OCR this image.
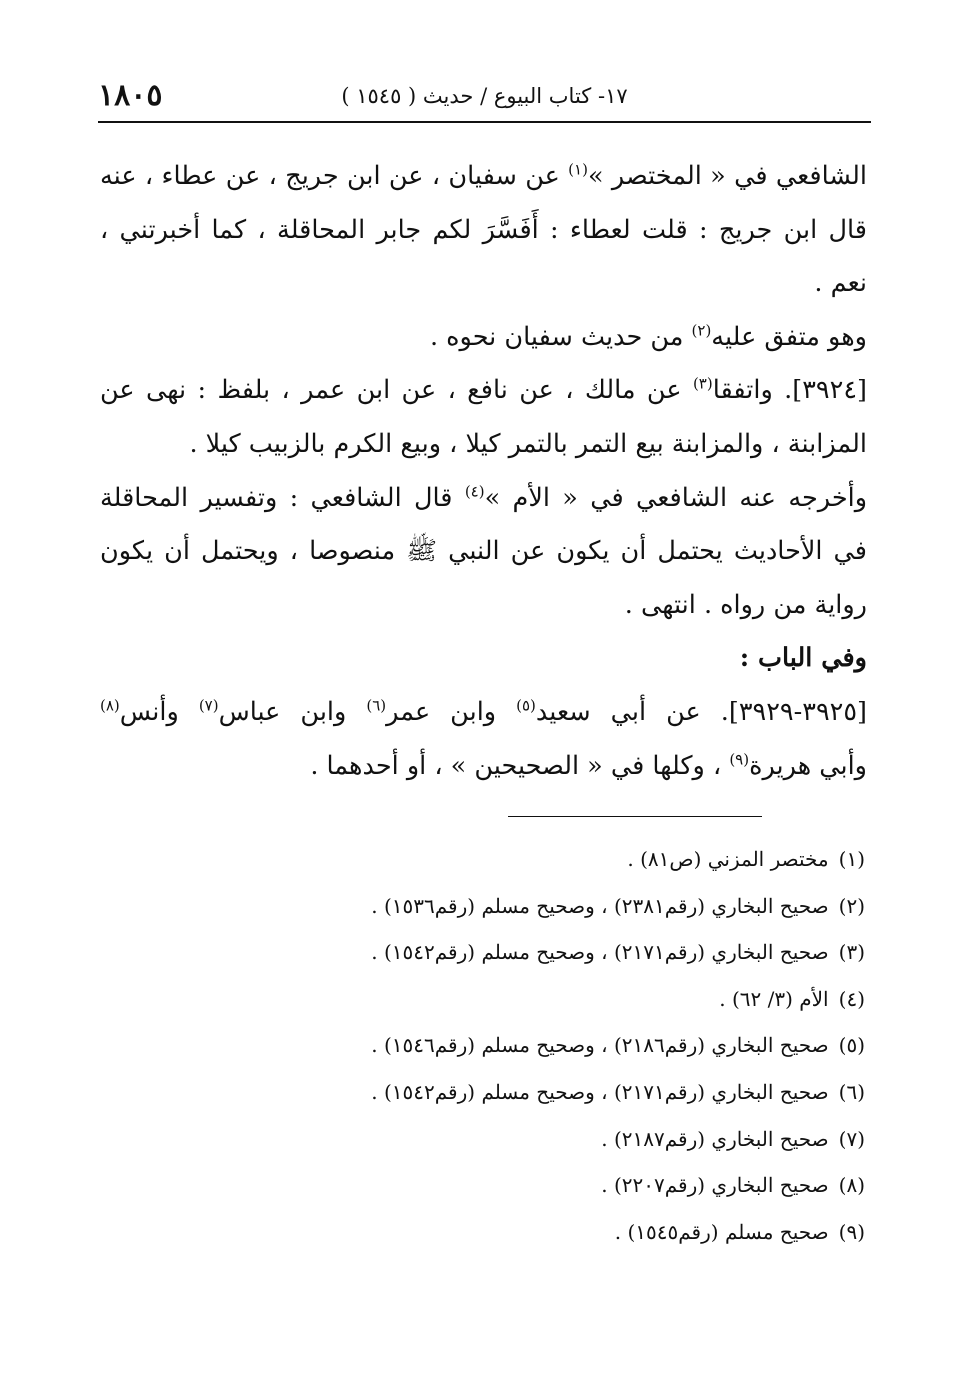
١٧- كتاب البيوع / حديث ( ١٥٤٥ )
١٨٠٥
الشافعي في « المختصر »$^{(١)}$ عن سفيان ، عن ابن جريج ، عن عطاء ، عنه
قال ابن جريج : قلت لعطاء : أَفَسَّرَ لكم جابر المحاقلة ، كما أخبرتني ،
نعم .
وهو متفق عليه$^{(٢)}$ من حديث سفيان نحوه .
[٣٩٢٤]. واتفقا$^{(٣)}$ عن مالك ، عن نافع ، عن ابن عمر ، بلفظ : نهى عن
المزابنة ، والمزابنة بيع التمر بالتمر كيلا ، وبيع الكرم بالزبيب كيلا .
وأخرجه عنه الشافعي في « الأم »$^{(٤)}$ قال الشافعي : وتفسير المحاقلة
في الأحاديث يحتمل أن يكون عن النبي ﷺ منصوصا ، ويحتمل أن يكون
رواية من رواه . انتهى .
وفي الباب :
[٣٩٢٥-٣٩٢٩]. عن أبي سعيد$^{(٥)}$ وابن عمر$^{(٦)}$ وابن عباس$^{(٧)}$ وأنس$^{(٨)}$
وأبي هريرة$^{(٩)}$ ، وكلها في « الصحيحين » ، أو أحدهما .
(١)مختصر المزني (ص٨١) .
(٢)صحيح البخاري (رقم٢٣٨١) ، وصحيح مسلم (رقم١٥٣٦) .
(٣)صحيح البخاري (رقم٢١٧١) ، وصحيح مسلم (رقم١٥٤٢) .
(٤)الأم (٣/ ٦٢) .
(٥)صحيح البخاري (رقم٢١٨٦) ، وصحيح مسلم (رقم١٥٤٦) .
(٦)صحيح البخاري (رقم٢١٧١) ، وصحيح مسلم (رقم١٥٤٢) .
(٧)صحيح البخاري (رقم٢١٨٧) .
(٨)صحيح البخاري (رقم٢٢٠٧) .
(٩)صحيح مسلم (رقم١٥٤٥) .
